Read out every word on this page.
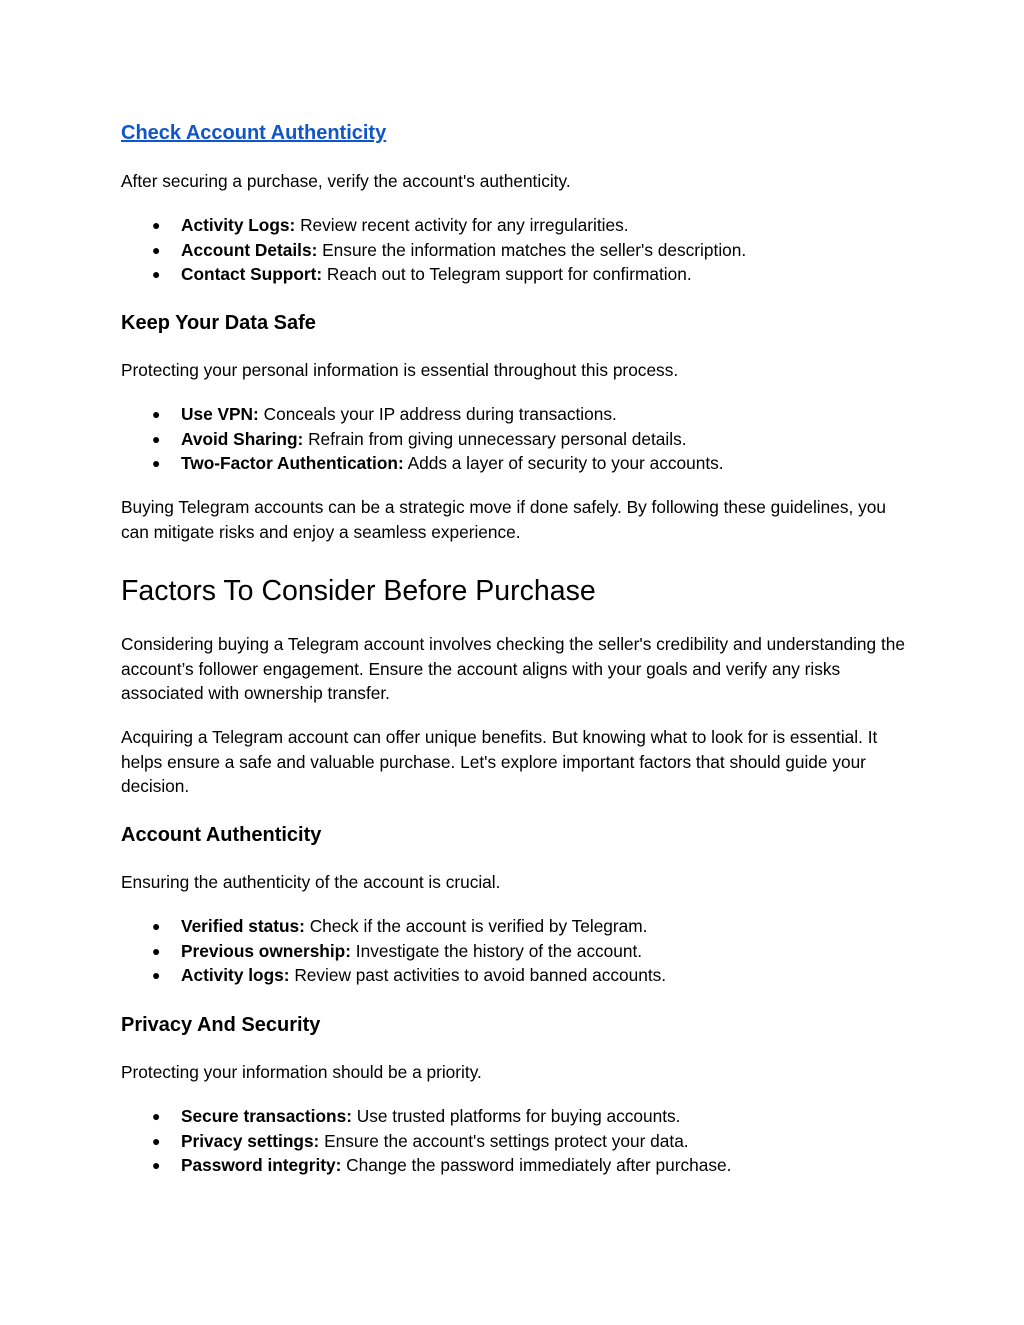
Check Account Authenticity

After securing a purchase, verify the account's authenticity.

● Activity Logs: Review recent activity for any irregularities.
● Account Details: Ensure the information matches the seller's description.
● Contact Support: Reach out to Telegram support for confirmation.
Keep Your Data Safe

Protecting your personal information is essential throughout this process.

● Use VPN: Conceals your IP address during transactions.
● Avoid Sharing: Refrain from giving unnecessary personal details.
● Two-Factor Authentication: Adds a layer of security to your accounts.

Buying Telegram accounts can be a strategic move if done safely. By following these guidelines, you can mitigate risks and enjoy a seamless experience.

Factors To Consider Before Purchase

Considering buying a Telegram account involves checking the seller's credibility and understanding the account’s follower engagement. Ensure the account aligns with your goals and verify any risks associated with ownership transfer.

Acquiring a Telegram account can offer unique benefits. But knowing what to look for is essential. It helps ensure a safe and valuable purchase. Let's explore important factors that should guide your decision.

Account Authenticity

Ensuring the authenticity of the account is crucial.

● Verified status: Check if the account is verified by Telegram.
● Previous ownership: Investigate the history of the account.
● Activity logs: Review past activities to avoid banned accounts.
Privacy And Security

Protecting your information should be a priority.

● Secure transactions: Use trusted platforms for buying accounts.
● Privacy settings: Ensure the account's settings protect your data.
● Password integrity: Change the password immediately after purchase.
